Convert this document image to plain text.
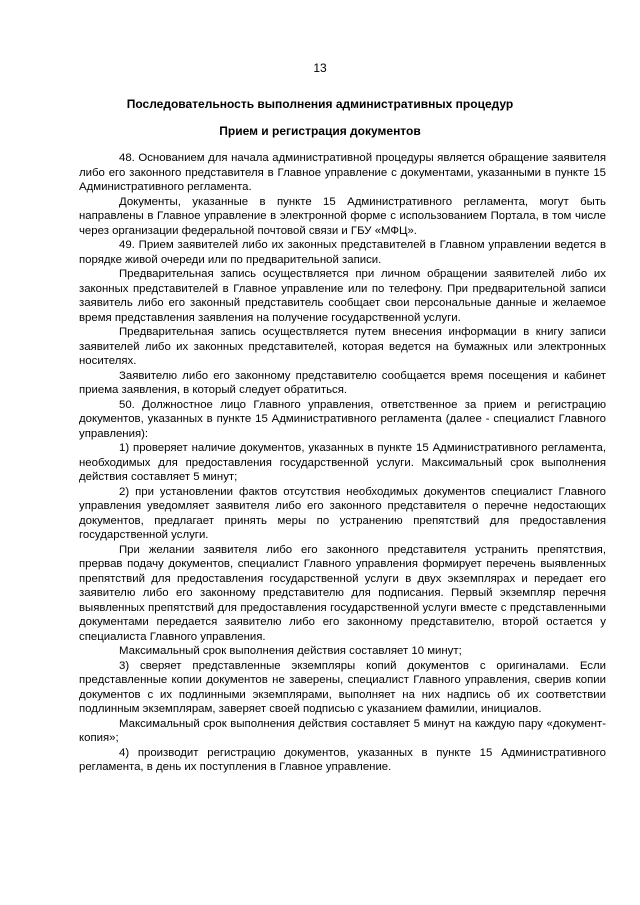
13
Последовательность выполнения административных процедур
Прием и регистрация документов

48. Основанием для начала административной процедуры является обращение заявителя либо его законного представителя в Главное управление с документами, указанными в пункте 15 Административного регламента.

Документы, указанные в пункте 15 Административного регламента, могут быть направлены в Главное управление в электронной форме с использованием Портала, в том числе через организации федеральной почтовой связи и ГБУ «МФЦ».

49. Прием заявителей либо их законных представителей в Главном управлении ведется в порядке живой очереди или по предварительной записи.

Предварительная запись осуществляется при личном обращении заявителей либо их законных представителей в Главное управление или по телефону. При предварительной записи заявитель либо его законный представитель сообщает свои персональные данные и желаемое время представления заявления на получение государственной услуги.

Предварительная запись осуществляется путем внесения информации в книгу записи заявителей либо их законных представителей, которая ведется на бумажных или электронных носителях.

Заявителю либо его законному представителю сообщается время посещения и кабинет приема заявления, в который следует обратиться.

50. Должностное лицо Главного управления, ответственное за прием и регистрацию документов, указанных в пункте 15 Административного регламента (далее - специалист Главного управления):

1) проверяет наличие документов, указанных в пункте 15 Административного регламента, необходимых для предоставления государственной услуги. Максимальный срок выполнения действия составляет 5 минут;

2) при установлении фактов отсутствия необходимых документов специалист Главного управления уведомляет заявителя либо его законного представителя о перечне недостающих документов, предлагает принять меры по устранению препятствий для предоставления государственной услуги.

При желании заявителя либо его законного представителя устранить препятствия, прервав подачу документов, специалист Главного управления формирует перечень выявленных препятствий для предоставления государственной услуги в двух экземплярах и передает его заявителю либо его законному представителю для подписания. Первый экземпляр перечня выявленных препятствий для предоставления государственной услуги вместе с представленными документами передается заявителю либо его законному представителю, второй остается у специалиста Главного управления.

Максимальный срок выполнения действия составляет 10 минут;

3) сверяет представленные экземпляры копий документов с оригиналами. Если представленные копии документов не заверены, специалист Главного управления, сверив копии документов с их подлинными экземплярами, выполняет на них надпись об их соответствии подлинным экземплярам, заверяет своей подписью с указанием фамилии, инициалов.

Максимальный срок выполнения действия составляет 5 минут на каждую пару «документ-копия»;

4) производит регистрацию документов, указанных в пункте 15 Административного регламента, в день их поступления в Главное управление.
